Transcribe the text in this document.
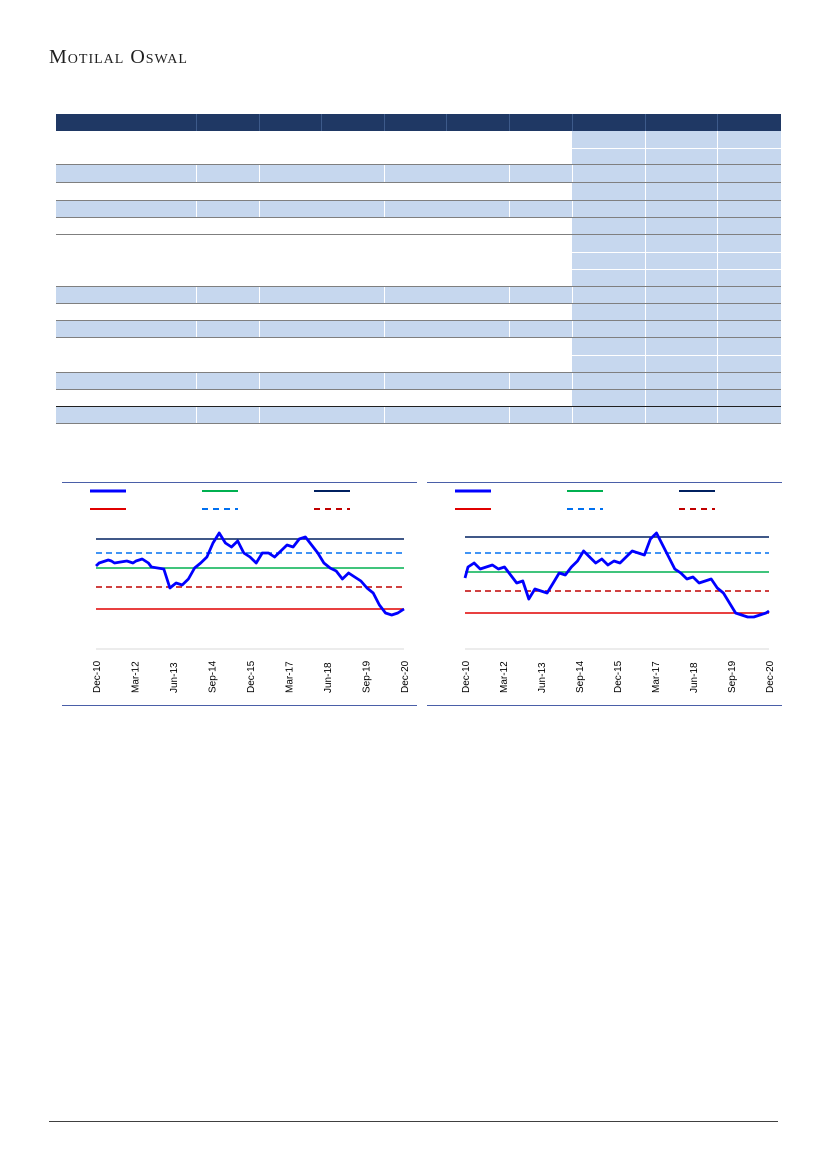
Motilal Oswal
Dec-10	Mar-12	Jun-13	Sep-14	Dec-15	Mar-17	Jun-18	Sep-19	Dec-20	Dec-10	Mar-12	Jun-13	Sep-14	Dec-15	Mar-17	Jun-18	Sep-19	Dec-20
